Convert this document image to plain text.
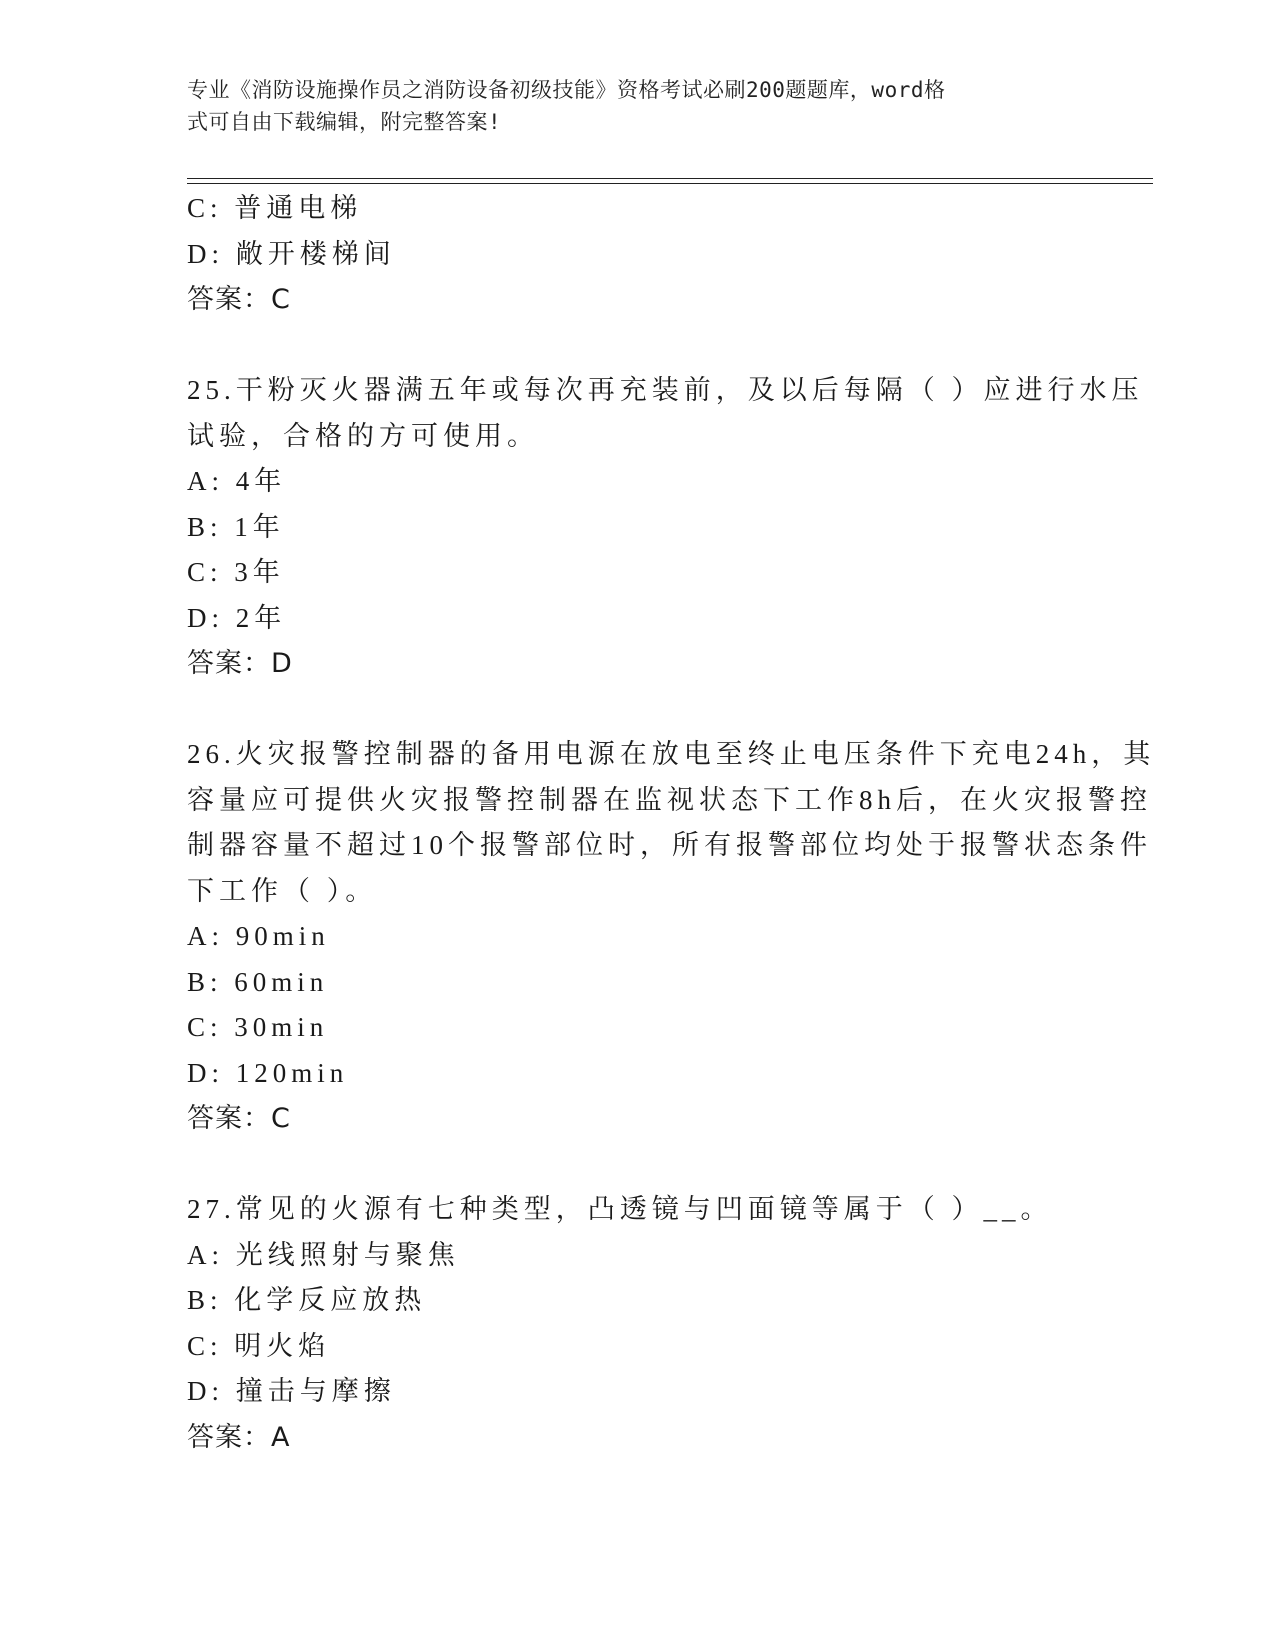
专业《消防设施操作员之消防设备初级技能》资格考试必刷200题题库，word格
式可自由下载编辑，附完整答案!
C: 普通电梯
D: 敞开楼梯间
答案：C
25.干粉灭火器满五年或每次再充装前，及以后每隔（ ）应进行水压
试验，合格的方可使用。
A: 4年
B: 1年
C: 3年
D: 2年
答案：D
26.火灾报警控制器的备用电源在放电至终止电压条件下充电24h，其
容量应可提供火灾报警控制器在监视状态下工作8h后，在火灾报警控
制器容量不超过10个报警部位时，所有报警部位均处于报警状态条件
下工作（ ）。
A: 90min
B: 60min
C: 30min
D: 120min
答案：C
27.常见的火源有七种类型，凸透镜与凹面镜等属于（ ）__。
A: 光线照射与聚焦
B: 化学反应放热
C: 明火焰
D: 撞击与摩擦
答案：A
